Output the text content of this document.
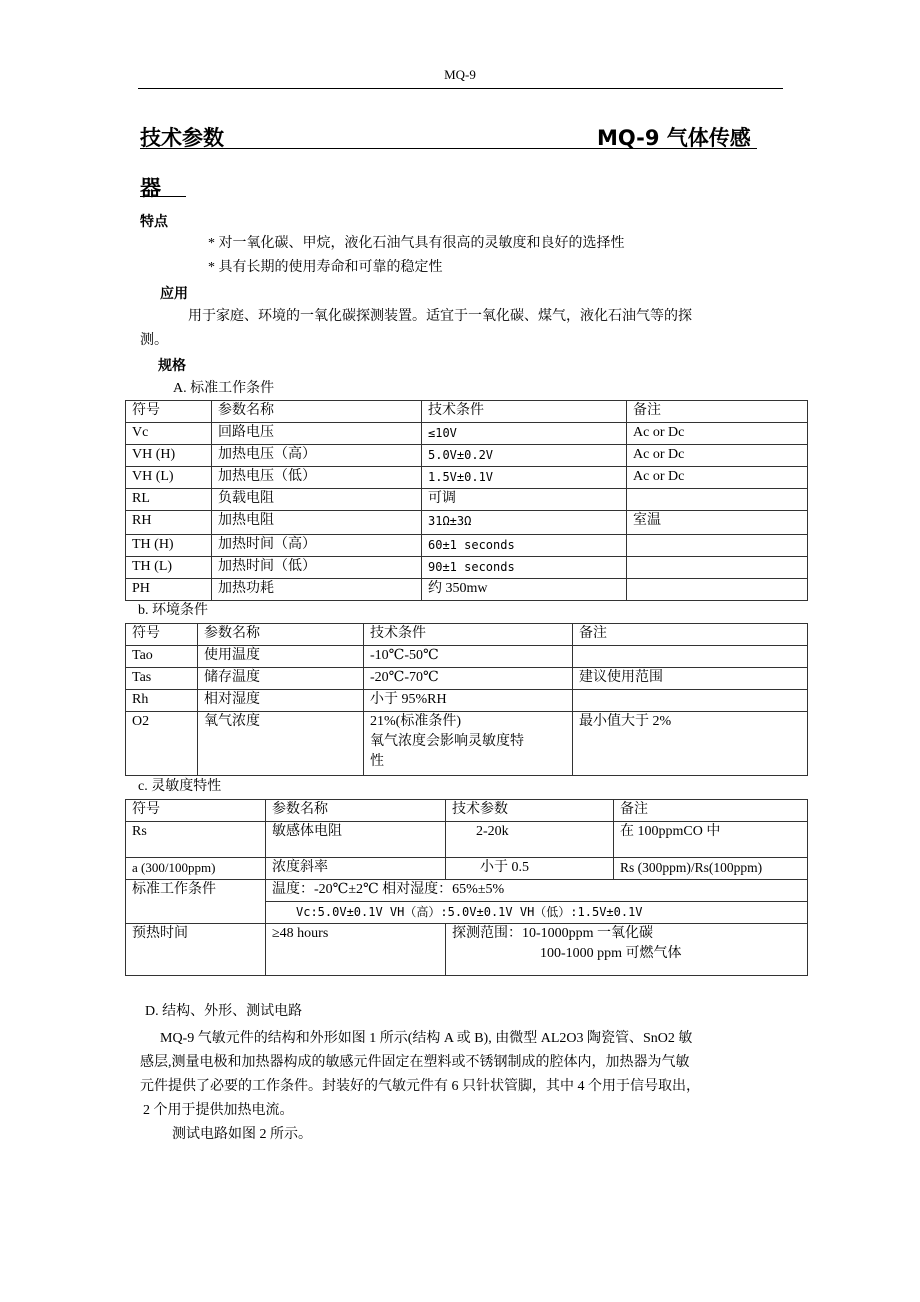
MQ-9
技术参数	MQ-9 气体传感
器
特点
* 对一氧化碳、甲烷，液化石油气具有很高的灵敏度和良好的选择性
* 具有长期的使用寿命和可靠的稳定性
应用
用于家庭、环境的一氧化碳探测装置。适宜于一氧化碳、煤气，液化石油气等的探
测。
规格
A. 标准工作条件
符号	参数名称	技术条件	备注
Vc	回路电压	≤10V	Ac or Dc
VH (H)	加热电压（高）	5.0V±0.2V	Ac or Dc
VH (L)	加热电压（低）	1.5V±0.1V	Ac or Dc
RL	负载电阻	可调	
RH	加热电阻	31Ω±3Ω	室温
TH (H)	加热时间（高）	60±1 seconds	
TH (L)	加热时间（低）	90±1 seconds	
PH	加热功耗	约 350mw	
b. 环境条件
符号	参数名称	技术条件	备注
Tao	使用温度	-10℃-50℃	
Tas	储存温度	-20℃-70℃	建议使用范围
Rh	相对湿度	小于 95%RH	
O2	氧气浓度	21%(标准条件)
氧气浓度会影响灵敏度特
性	最小值大于 2%
c. 灵敏度特性
符号	参数名称	技术参数	备注
Rs	敏感体电阻	2-20k	在 100ppmCO 中
a (300/100ppm)	浓度斜率	小于 0.5	Rs (300ppm)/Rs(100ppm)
标准工作条件	温度：-20℃±2℃ 相对湿度：65%±5%		
	Vc:5.0V±0.1V VH（高）:5.0V±0.1V VH（低）:1.5V±0.1V		
预热时间	≥48 hours	探测范围：10-1000ppm 一氧化碳
100-1000 ppm 可燃气体	
D. 结构、外形、测试电路
MQ-9 气敏元件的结构和外形如图 1 所示(结构 A 或 B), 由微型 AL2O3 陶瓷管、SnO2 敏
感层,测量电极和加热器构成的敏感元件固定在塑料或不锈钢制成的腔体内，加热器为气敏
元件提供了必要的工作条件。封装好的气敏元件有 6 只针状管脚，其中 4 个用于信号取出，
2 个用于提供加热电流。
测试电路如图 2 所示。
